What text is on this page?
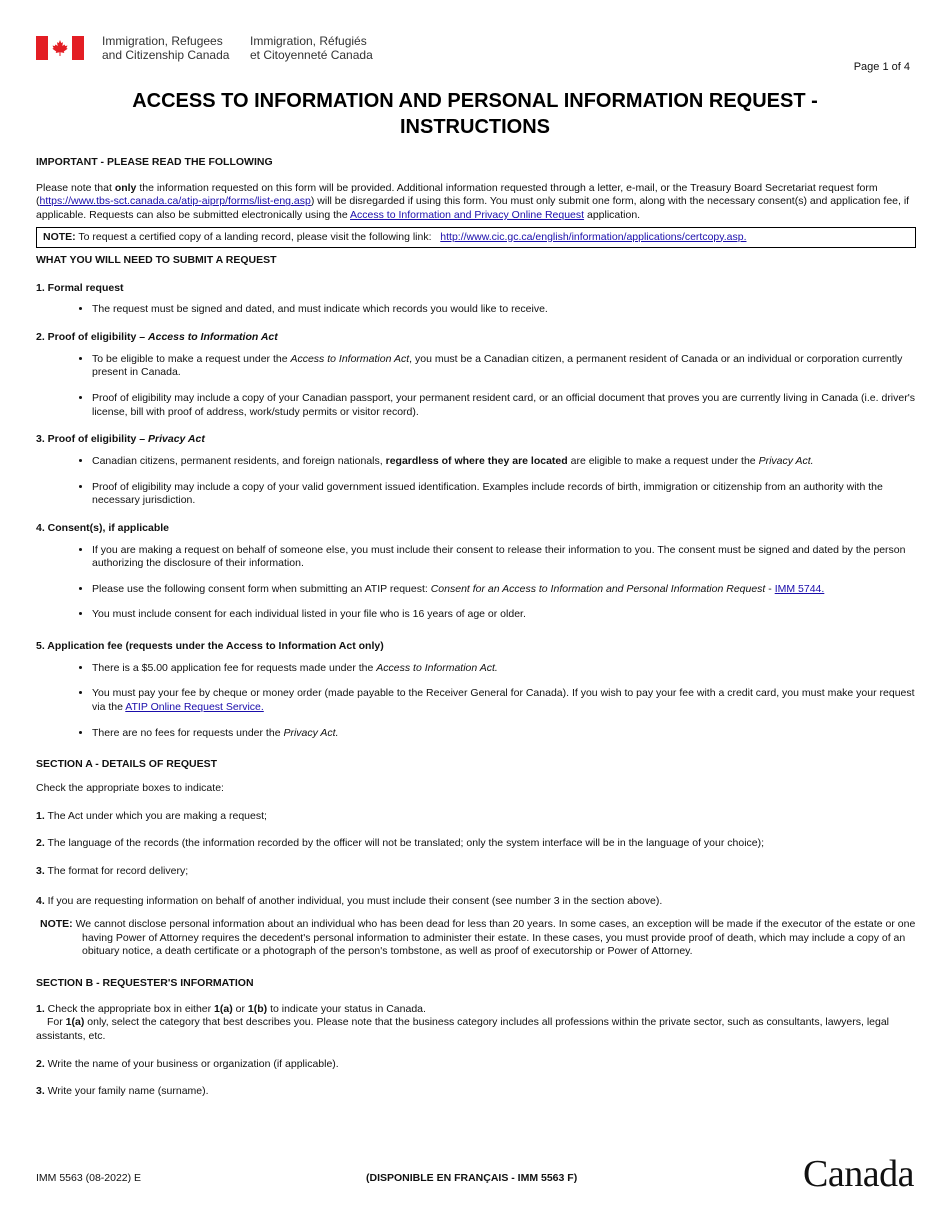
Immigration, Refugees
and Citizenship Canada
Immigration, Réfugiés
et Citoyenneté Canada
Page 1 of 4
ACCESS TO INFORMATION AND PERSONAL INFORMATION REQUEST -
INSTRUCTIONS

IMPORTANT - PLEASE READ THE FOLLOWING

Please note that only the information requested on this form will be provided. Additional information requested through a letter, e-mail, or the Treasury Board Secretariat request form (https://www.tbs-sct.canada.ca/atip-aiprp/forms/list-eng.asp) will be disregarded if using this form. You must only submit one form, along with the necessary consent(s) and application fee, if applicable. Requests can also be submitted electronically using the Access to Information and Privacy Online Request application.

NOTE: To request a certified copy of a landing record, please visit the following link:   http://www.cic.gc.ca/english/information/applications/certcopy.asp.

WHAT YOU WILL NEED TO SUBMIT A REQUEST

1. Formal request

• The request must be signed and dated, and must indicate which records you would like to receive.

2. Proof of eligibility – Access to Information Act

• To be eligible to make a request under the Access to Information Act, you must be a Canadian citizen, a permanent resident of Canada or an individual or corporation currently present in Canada.
• Proof of eligibility may include a copy of your Canadian passport, your permanent resident card, or an official document that proves you are currently living in Canada (i.e. driver's license, bill with proof of address, work/study permits or visitor record).

3. Proof of eligibility – Privacy Act

• Canadian citizens, permanent residents, and foreign nationals, regardless of where they are located are eligible to make a request under the Privacy Act.
• Proof of eligibility may include a copy of your valid government issued identification. Examples include records of birth, immigration or citizenship from an authority with the necessary jurisdiction.

4. Consent(s), if applicable

• If you are making a request on behalf of someone else, you must include their consent to release their information to you. The consent must be signed and dated by the person authorizing the disclosure of their information.
• Please use the following consent form when submitting an ATIP request: Consent for an Access to Information and Personal Information Request - IMM 5744.
• You must include consent for each individual listed in your file who is 16 years of age or older.

5. Application fee (requests under the Access to Information Act only)

• There is a $5.00 application fee for requests made under the Access to Information Act.
• You must pay your fee by cheque or money order (made payable to the Receiver General for Canada). If you wish to pay your fee with a credit card, you must make your request via the ATIP Online Request Service.
• There are no fees for requests under the Privacy Act.

SECTION A - DETAILS OF REQUEST

Check the appropriate boxes to indicate:

1. The Act under which you are making a request;

2. The language of the records (the information recorded by the officer will not be translated; only the system interface will be in the language of your choice);

3. The format for record delivery;

4. If you are requesting information on behalf of another individual, you must include their consent (see number 3 in the section above).

NOTE: We cannot disclose personal information about an individual who has been dead for less than 20 years. In some cases, an exception will be made if the executor of the estate or one having Power of Attorney requires the decedent's personal information to administer their estate. In these cases, you must provide proof of death, which may include a copy of an obituary notice, a death certificate or a photograph of the person's tombstone, as well as proof of executorship or Power of Attorney.

SECTION B - REQUESTER'S INFORMATION

1. Check the appropriate box in either 1(a) or 1(b) to indicate your status in Canada.
For 1(a) only, select the category that best describes you. Please note that the business category includes all professions within the private sector, such as consultants, lawyers, legal assistants, etc.

2. Write the name of your business or organization (if applicable).

3. Write your family name (surname).

IMM 5563 (08-2022) E	(DISPONIBLE EN FRANÇAIS - IMM 5563 F)	Canada
